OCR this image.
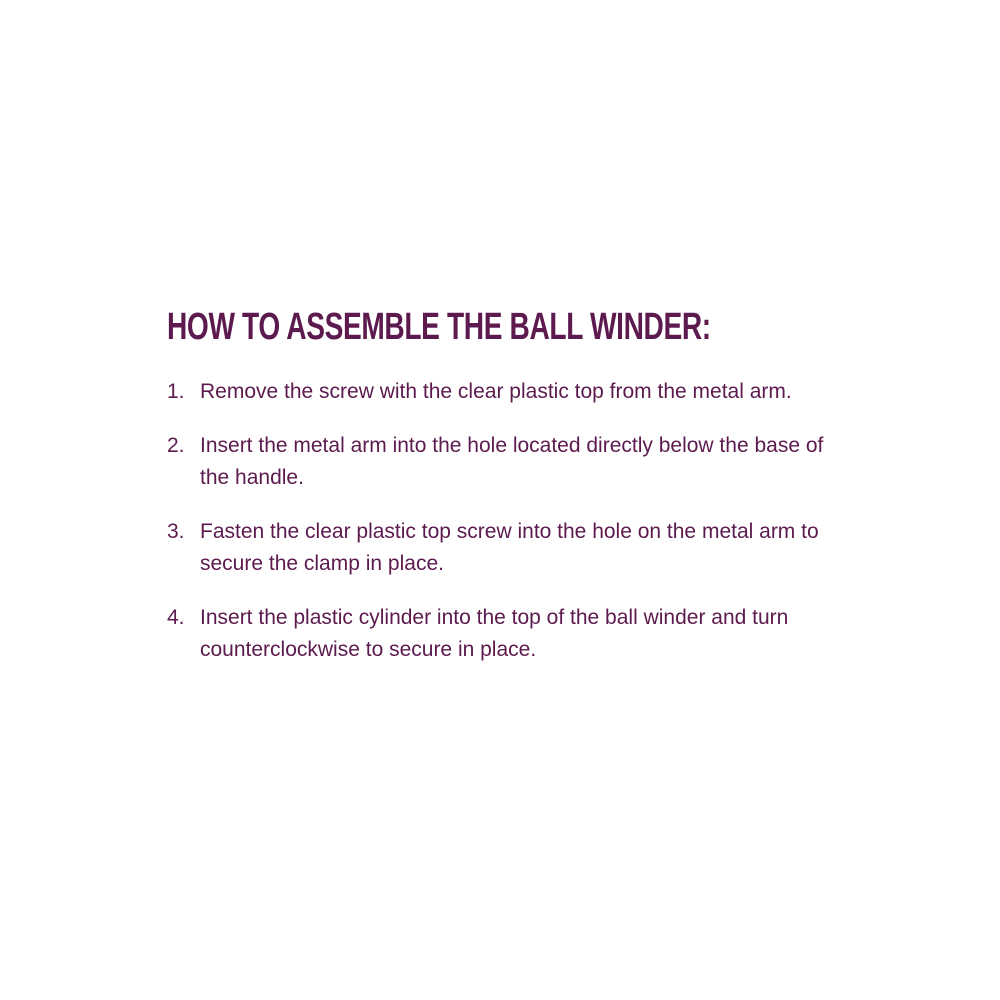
HOW TO ASSEMBLE THE BALL WINDER:
1. Remove the screw with the clear plastic top from the metal arm.
2. Insert the metal arm into the hole located directly below the base of the handle.
3. Fasten the clear plastic top screw into the hole on the metal arm to secure the clamp in place.
4. Insert the plastic cylinder into the top of the ball winder and turn counterclockwise to secure in place.
